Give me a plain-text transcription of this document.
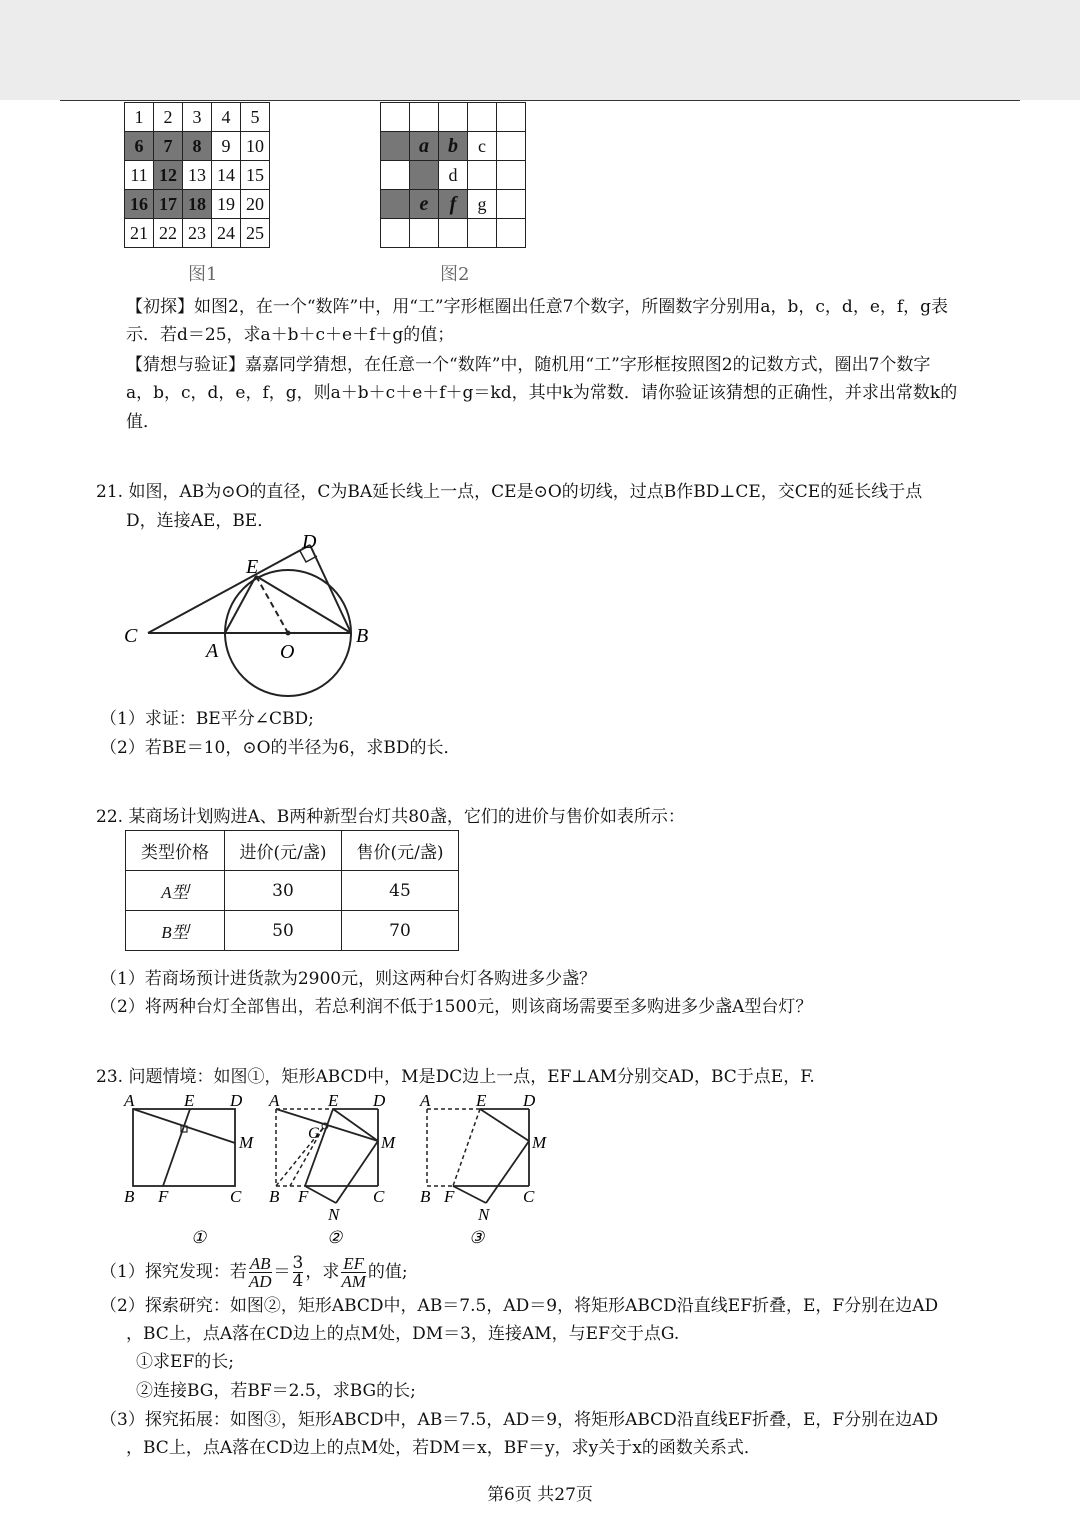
1	2	3	4	5
6	7	8	9	10
11	12	13	14	15
16	17	18	19	20
21	22	23	24	25
图1

	a	b	c	
		d		
	e	f	g	

图2
【初探】如图2，在一个“数阵”中，用“工”字形框圈出任意7个数字，所圈数字分别用a，b，c，d，e，f，g表
示．若d＝25，求a＋b＋c＋e＋f＋g的值；
【猜想与验证】嘉嘉同学猜想，在任意一个“数阵”中，随机用“工”字形框按照图2的记数方式，圈出7个数字
a，b，c，d，e，f，g，则a＋b＋c＋e＋f＋g＝kd，其中k为常数．请你验证该猜想的正确性，并求出常数k的
值．
21. 如图，AB为⊙O的直径，C为BA延长线上一点，CE是⊙O的切线，过点B作BD⊥CE，交CE的延长线于点
D，连接AE，BE．
C
A	O
B
E
D
（1）求证：BE平分∠CBD;
（2）若BE＝10，⊙O的半径为6，求BD的长．
22. 某商场计划购进A、B两种新型台灯共80盏，它们的进价与售价如表所示：
类型价格	进价(元/盏)	售价(元/盏)
A型	30	45
B型	50	70
（1）若商场预计进货款为2900元，则这两种台灯各购进多少盏？
（2）将两种台灯全部售出，若总利润不低于1500元，则该商场需要至多购进多少盏A型台灯？
23. 问题情境：如图①，矩形ABCD中，M是DC边上一点，EF⊥AM分别交AD，BC于点E，F.
A	E D
M
B F	C
①
A	E D
G	M
B F	C
N
②
A	E D
M
B F	C
N
③
（1）探究发现：若 $\frac{AB}{AD} = \frac{3}{4}$ ，求 $\frac{EF}{AM}$ 的值;
（2）探索研究：如图②，矩形ABCD中，AB＝7.5，AD＝9，将矩形ABCD沿直线EF折叠，E，F分别在边AD
，BC上，点A落在CD边上的点M处，DM＝3，连接AM，与EF交于点G.
①求EF的长;
②连接BG，若BF＝2.5，求BG的长;
（3）探究拓展：如图③，矩形ABCD中，AB＝7.5，AD＝9，将矩形ABCD沿直线EF折叠，E，F分别在边AD
，BC上，点A落在CD边上的点M处，若DM＝x，BF＝y，求y关于x的函数关系式．
第6页 共27页
